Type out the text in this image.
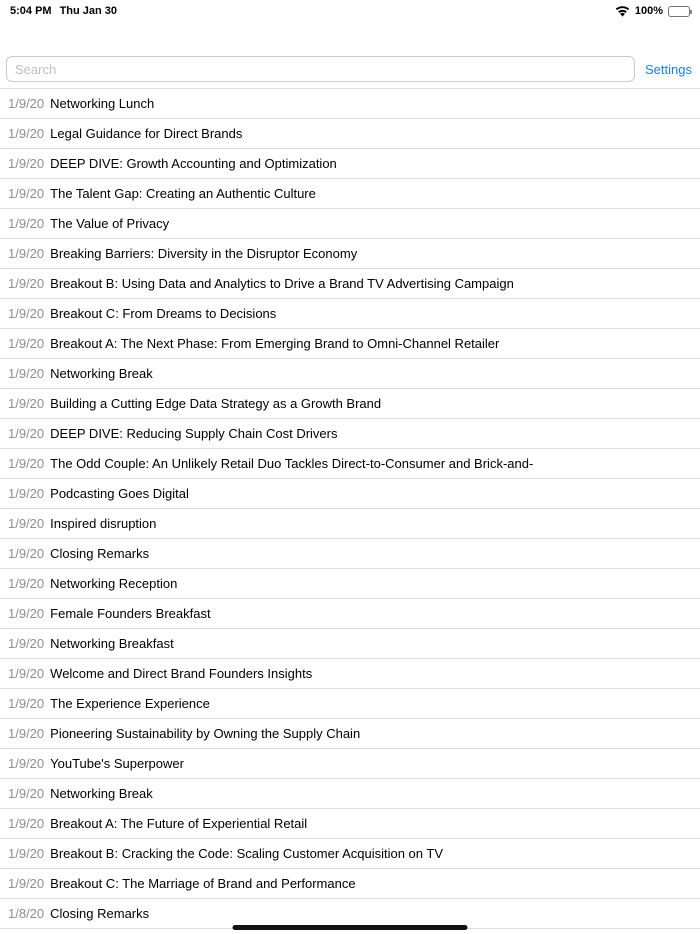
5:04 PM Thu Jan 30	100%
Search
Settings
1/9/20 Networking Lunch
1/9/20 Legal Guidance for Direct Brands
1/9/20 DEEP DIVE: Growth Accounting and Optimization
1/9/20 The Talent Gap: Creating an Authentic Culture
1/9/20 The Value of Privacy
1/9/20 Breaking Barriers: Diversity in the Disruptor Economy
1/9/20 Breakout B: Using Data and Analytics to Drive a Brand TV Advertising Campaign
1/9/20 Breakout C: From Dreams to Decisions
1/9/20 Breakout A: The Next Phase: From Emerging Brand to Omni-Channel Retailer
1/9/20 Networking Break
1/9/20 Building a Cutting Edge Data Strategy as a Growth Brand
1/9/20 DEEP DIVE: Reducing Supply Chain Cost Drivers
1/9/20 The Odd Couple: An Unlikely Retail Duo Tackles Direct-to-Consumer and Brick-and-
1/9/20 Podcasting Goes Digital
1/9/20 Inspired disruption
1/9/20 Closing Remarks
1/9/20 Networking Reception
1/9/20 Female Founders Breakfast
1/9/20 Networking Breakfast
1/9/20 Welcome and Direct Brand Founders Insights
1/9/20 The Experience Experience
1/9/20 Pioneering Sustainability by Owning the Supply Chain
1/9/20 YouTube's Superpower
1/9/20 Networking Break
1/9/20 Breakout A: The Future of Experiential Retail
1/9/20 Breakout B: Cracking the Code: Scaling Customer Acquisition on TV
1/9/20 Breakout C: The Marriage of Brand and Performance
1/8/20 Closing Remarks
